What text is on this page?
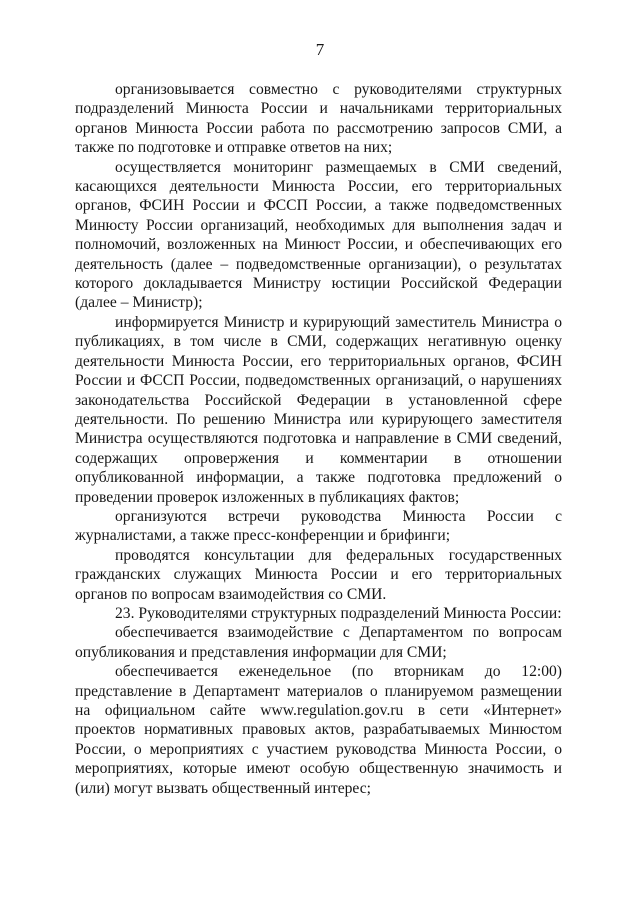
7

организовывается совместно с руководителями структурных подразделений Минюста России и начальниками территориальных органов Минюста России работа по рассмотрению запросов СМИ, а также по подготовке и отправке ответов на них;

осуществляется мониторинг размещаемых в СМИ сведений, касающихся деятельности Минюста России, его территориальных органов, ФСИН России и ФССП России, а также подведомственных Минюсту России организаций, необходимых для выполнения задач и полномочий, возложенных на Минюст России, и обеспечивающих его деятельность (далее – подведомственные организации), о результатах которого докладывается Министру юстиции Российской Федерации (далее – Министр);

информируется Министр и курирующий заместитель Министра о публикациях, в том числе в СМИ, содержащих негативную оценку деятельности Минюста России, его территориальных органов, ФСИН России и ФССП России, подведомственных организаций, о нарушениях законодательства Российской Федерации в установленной сфере деятельности. По решению Министра или курирующего заместителя Министра осуществляются подготовка и направление в СМИ сведений, содержащих опровержения и комментарии в отношении опубликованной информации, а также подготовка предложений о проведении проверок изложенных в публикациях фактов;

организуются встречи руководства Минюста России с журналистами, а также пресс-конференции и брифинги;

проводятся консультации для федеральных государственных гражданских служащих Минюста России и его территориальных органов по вопросам взаимодействия со СМИ.

23. Руководителями структурных подразделений Минюста России:

обеспечивается взаимодействие с Департаментом по вопросам опубликования и представления информации для СМИ;

обеспечивается еженедельное (по вторникам до 12:00) представление в Департамент материалов о планируемом размещении на официальном сайте www.regulation.gov.ru в сети «Интернет» проектов нормативных правовых актов, разрабатываемых Минюстом России, о мероприятиях с участием руководства Минюста России, о мероприятиях, которые имеют особую общественную значимость и (или) могут вызвать общественный интерес;
